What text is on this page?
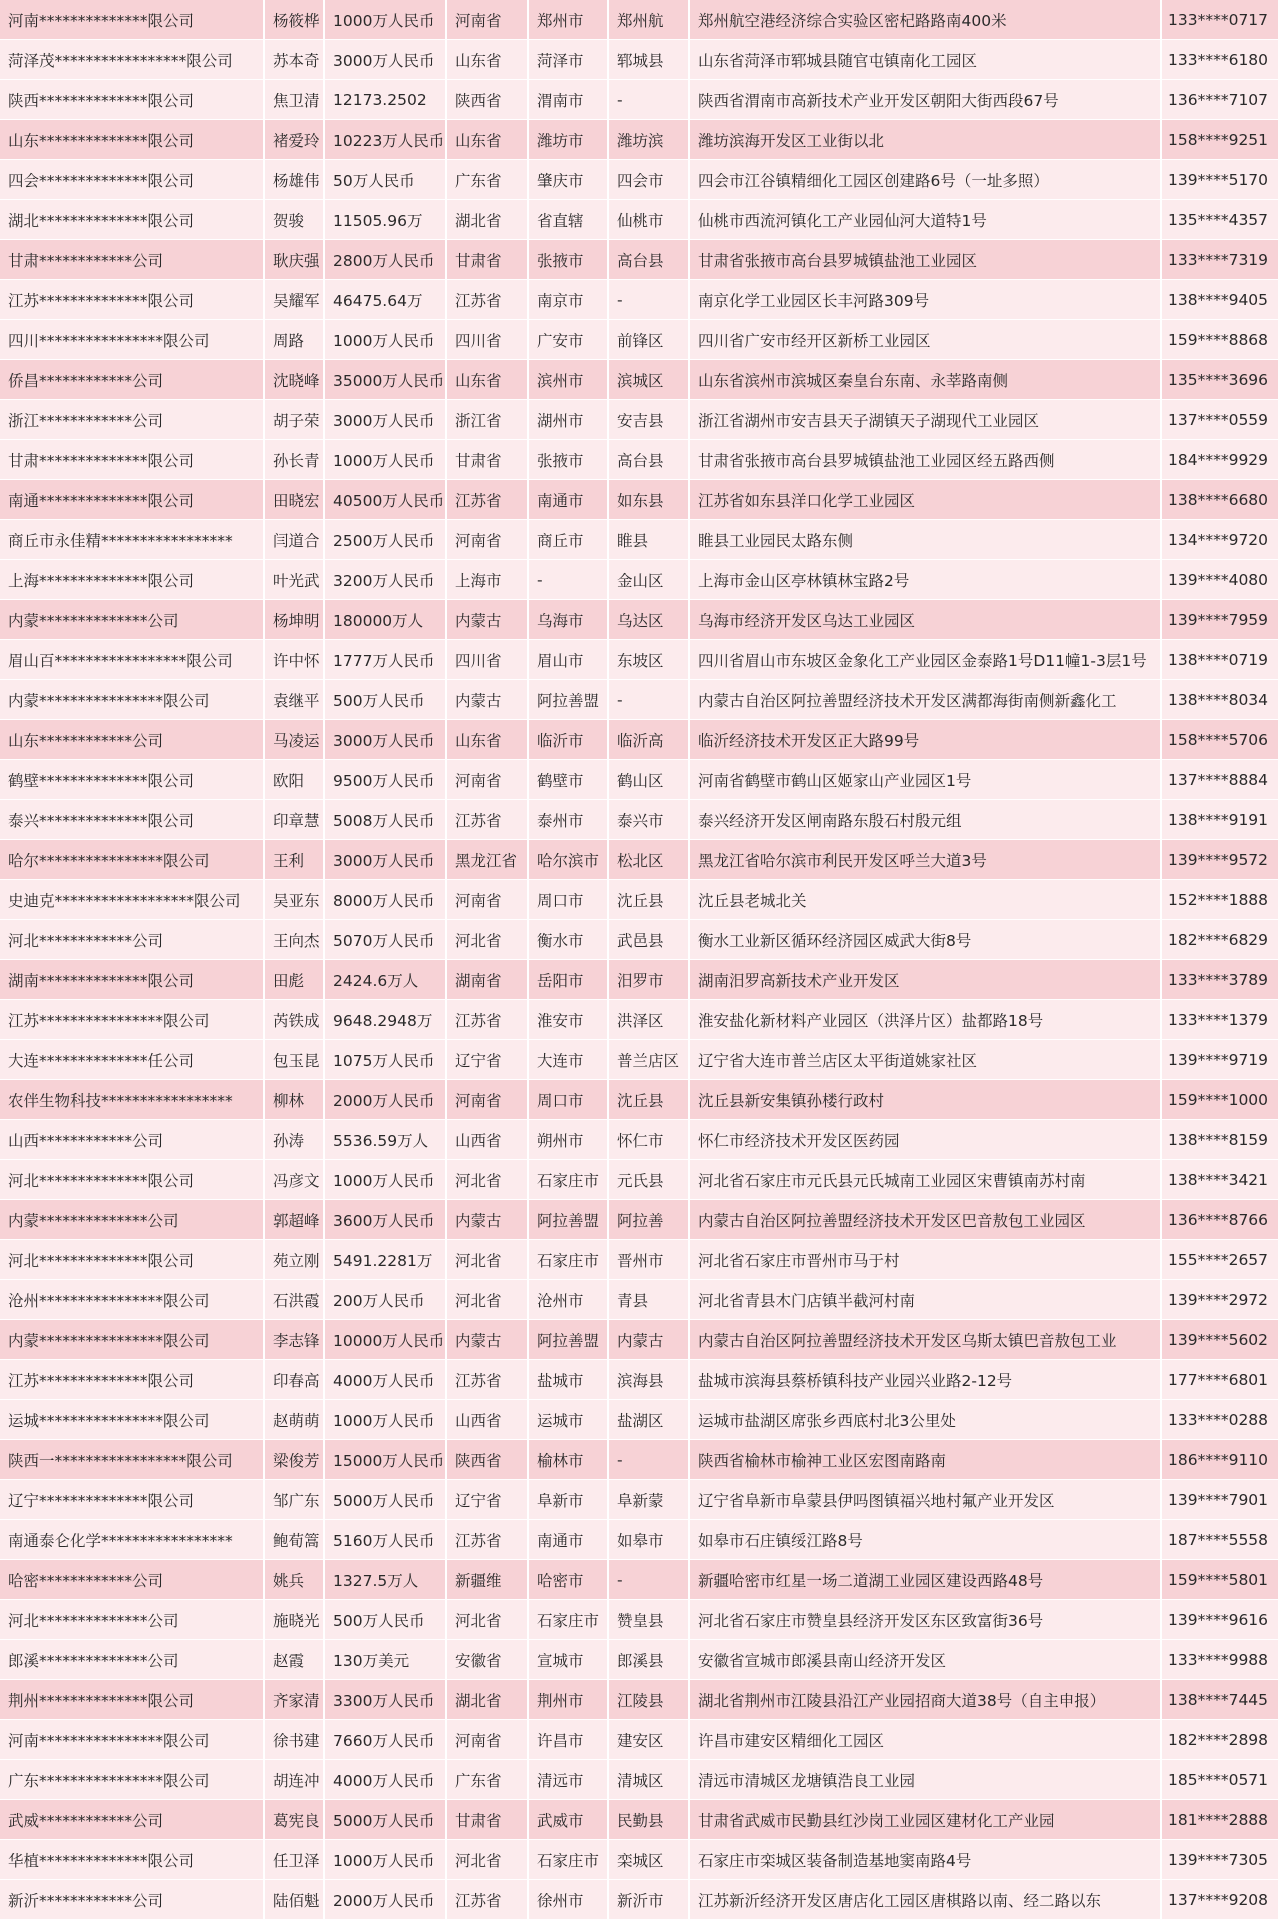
河南**************限公司	杨筱桦	1000万人民币	河南省	郑州市	郑州航	郑州航空港经济综合实验区密杞路路南400米	133****0717
菏泽茂*****************限公司	苏本奇	3000万人民币	山东省	菏泽市	郓城县	山东省菏泽市郓城县随官屯镇南化工园区	133****6180
陕西**************限公司	焦卫清	12173.2502	陕西省	渭南市	-	陕西省渭南市高新技术产业开发区朝阳大街西段67号	136****7107
山东**************限公司	褚爱玲	10223万人民币	山东省	潍坊市	潍坊滨	潍坊滨海开发区工业街以北	158****9251
四会**************限公司	杨雄伟	50万人民币	广东省	肇庆市	四会市	四会市江谷镇精细化工园区创建路6号（一址多照）	139****5170
湖北**************限公司	贺骏	11505.96万	湖北省	省直辖	仙桃市	仙桃市西流河镇化工产业园仙河大道特1号	135****4357
甘肃************公司	耿庆强	2800万人民币	甘肃省	张掖市	高台县	甘肃省张掖市高台县罗城镇盐池工业园区	133****7319
江苏**************限公司	吴耀军	46475.64万	江苏省	南京市	-	南京化学工业园区长丰河路309号	138****9405
四川****************限公司	周路	1000万人民币	四川省	广安市	前锋区	四川省广安市经开区新桥工业园区	159****8868
侨昌************公司	沈晓峰	35000万人民币	山东省	滨州市	滨城区	山东省滨州市滨城区秦皇台东南、永莘路南侧	135****3696
浙江************公司	胡子荣	3000万人民币	浙江省	湖州市	安吉县	浙江省湖州市安吉县天子湖镇天子湖现代工业园区	137****0559
甘肃**************限公司	孙长青	1000万人民币	甘肃省	张掖市	高台县	甘肃省张掖市高台县罗城镇盐池工业园区经五路西侧	184****9929
南通**************限公司	田晓宏	40500万人民币	江苏省	南通市	如东县	江苏省如东县洋口化学工业园区	138****6680
商丘市永佳精*****************	闫道合	2500万人民币	河南省	商丘市	睢县	睢县工业园民太路东侧	134****9720
上海**************限公司	叶光武	3200万人民币	上海市	-	金山区	上海市金山区亭林镇林宝路2号	139****4080
内蒙**************公司	杨坤明	180000万人	内蒙古	乌海市	乌达区	乌海市经济开发区乌达工业园区	139****7959
眉山百*****************限公司	许中怀	1777万人民币	四川省	眉山市	东坡区	四川省眉山市东坡区金象化工产业园区金泰路1号D11幢1-3层1号	138****0719
内蒙****************限公司	袁继平	500万人民币	内蒙古	阿拉善盟	-	内蒙古自治区阿拉善盟经济技术开发区满都海街南侧新鑫化工	138****8034
山东************公司	马凌运	3000万人民币	山东省	临沂市	临沂高	临沂经济技术开发区正大路99号	158****5706
鹤壁**************限公司	欧阳	9500万人民币	河南省	鹤壁市	鹤山区	河南省鹤壁市鹤山区姬家山产业园区1号	137****8884
泰兴**************限公司	印章慧	5008万人民币	江苏省	泰州市	泰兴市	泰兴经济开发区闸南路东殷石村殷元组	138****9191
哈尔****************限公司	王利	3000万人民币	黑龙江省	哈尔滨市	松北区	黑龙江省哈尔滨市利民开发区呼兰大道3号	139****9572
史迪克******************限公司	吴亚东	8000万人民币	河南省	周口市	沈丘县	沈丘县老城北关	152****1888
河北************公司	王向杰	5070万人民币	河北省	衡水市	武邑县	衡水工业新区循环经济园区威武大街8号	182****6829
湖南**************限公司	田彪	2424.6万人	湖南省	岳阳市	汨罗市	湖南汨罗高新技术产业开发区	133****3789
江苏****************限公司	芮铁成	9648.2948万	江苏省	淮安市	洪泽区	淮安盐化新材料产业园区（洪泽片区）盐都路18号	133****1379
大连**************任公司	包玉昆	1075万人民币	辽宁省	大连市	普兰店区	辽宁省大连市普兰店区太平街道姚家社区	139****9719
农伴生物科技*****************	柳林	2000万人民币	河南省	周口市	沈丘县	沈丘县新安集镇孙楼行政村	159****1000
山西************公司	孙涛	5536.59万人	山西省	朔州市	怀仁市	怀仁市经济技术开发区医药园	138****8159
河北**************限公司	冯彦文	1000万人民币	河北省	石家庄市	元氏县	河北省石家庄市元氏县元氏城南工业园区宋曹镇南苏村南	138****3421
内蒙**************公司	郭超峰	3600万人民币	内蒙古	阿拉善盟	阿拉善	内蒙古自治区阿拉善盟经济技术开发区巴音敖包工业园区	136****8766
河北**************限公司	苑立刚	5491.2281万	河北省	石家庄市	晋州市	河北省石家庄市晋州市马于村	155****2657
沧州****************限公司	石洪霞	200万人民币	河北省	沧州市	青县	河北省青县木门店镇半截河村南	139****2972
内蒙****************限公司	李志锋	10000万人民币	内蒙古	阿拉善盟	内蒙古	内蒙古自治区阿拉善盟经济技术开发区乌斯太镇巴音敖包工业	139****5602
江苏**************限公司	印春高	4000万人民币	江苏省	盐城市	滨海县	盐城市滨海县蔡桥镇科技产业园兴业路2-12号	177****6801
运城****************限公司	赵萌萌	1000万人民币	山西省	运城市	盐湖区	运城市盐湖区席张乡西底村北3公里处	133****0288
陕西一*****************限公司	梁俊芳	15000万人民币	陕西省	榆林市	-	陕西省榆林市榆神工业区宏图南路南	186****9110
辽宁**************限公司	邹广东	5000万人民币	辽宁省	阜新市	阜新蒙	辽宁省阜新市阜蒙县伊吗图镇福兴地村氟产业开发区	139****7901
南通泰仑化学*****************	鲍荀篙	5160万人民币	江苏省	南通市	如皋市	如皋市石庄镇绥江路8号	187****5558
哈密************公司	姚兵	1327.5万人	新疆维	哈密市	-	新疆哈密市红星一场二道湖工业园区建设西路48号	159****5801
河北**************公司	施晓光	500万人民币	河北省	石家庄市	赞皇县	河北省石家庄市赞皇县经济开发区东区致富街36号	139****9616
郎溪**************公司	赵霞	130万美元	安徽省	宣城市	郎溪县	安徽省宣城市郎溪县南山经济开发区	133****9988
荆州**************限公司	齐家清	3300万人民币	湖北省	荆州市	江陵县	湖北省荆州市江陵县沿江产业园招商大道38号（自主申报）	138****7445
河南****************限公司	徐书建	7660万人民币	河南省	许昌市	建安区	许昌市建安区精细化工园区	182****2898
广东****************限公司	胡连冲	4000万人民币	广东省	清远市	清城区	清远市清城区龙塘镇浩良工业园	185****0571
武威************公司	葛宪良	5000万人民币	甘肃省	武威市	民勤县	甘肃省武威市民勤县红沙岗工业园区建材化工产业园	181****2888
华植**************限公司	任卫泽	1000万人民币	河北省	石家庄市	栾城区	石家庄市栾城区装备制造基地窦南路4号	139****7305
新沂************公司	陆佰魁	2000万人民币	江苏省	徐州市	新沂市	江苏新沂经济开发区唐店化工园区唐棋路以南、经二路以东	137****9208
